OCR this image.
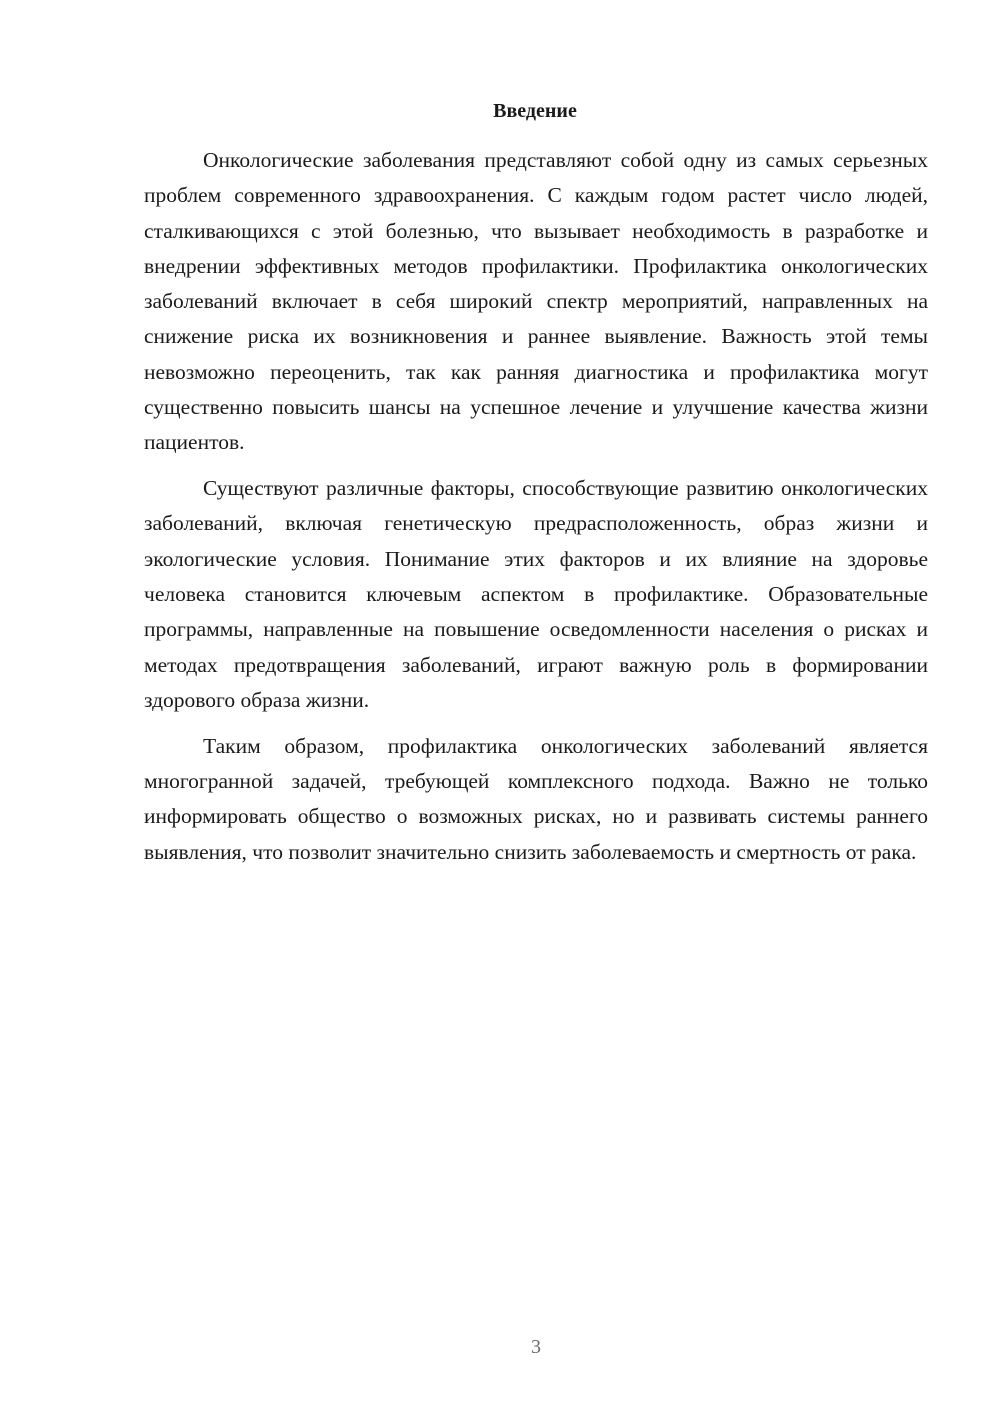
Введение

Онкологические заболевания представляют собой одну из самых серьезных проблем современного здравоохранения. С каждым годом растет число людей, сталкивающихся с этой болезнью, что вызывает необходимость в разработке и внедрении эффективных методов профилактики. Профилактика онкологических заболеваний включает в себя широкий спектр мероприятий, направленных на снижение риска их возникновения и раннее выявление. Важность этой темы невозможно переоценить, так как ранняя диагностика и профилактика могут существенно повысить шансы на успешное лечение и улучшение качества жизни пациентов.

Существуют различные факторы, способствующие развитию онкологических заболеваний, включая генетическую предрасположенность, образ жизни и экологические условия. Понимание этих факторов и их влияние на здоровье человека становится ключевым аспектом в профилактике. Образовательные программы, направленные на повышение осведомленности населения о рисках и методах предотвращения заболеваний, играют важную роль в формировании здорового образа жизни.

Таким образом, профилактика онкологических заболеваний является многогранной задачей, требующей комплексного подхода. Важно не только информировать общество о возможных рисках, но и развивать системы раннего выявления, что позволит значительно снизить заболеваемость и смертность от рака.

3
